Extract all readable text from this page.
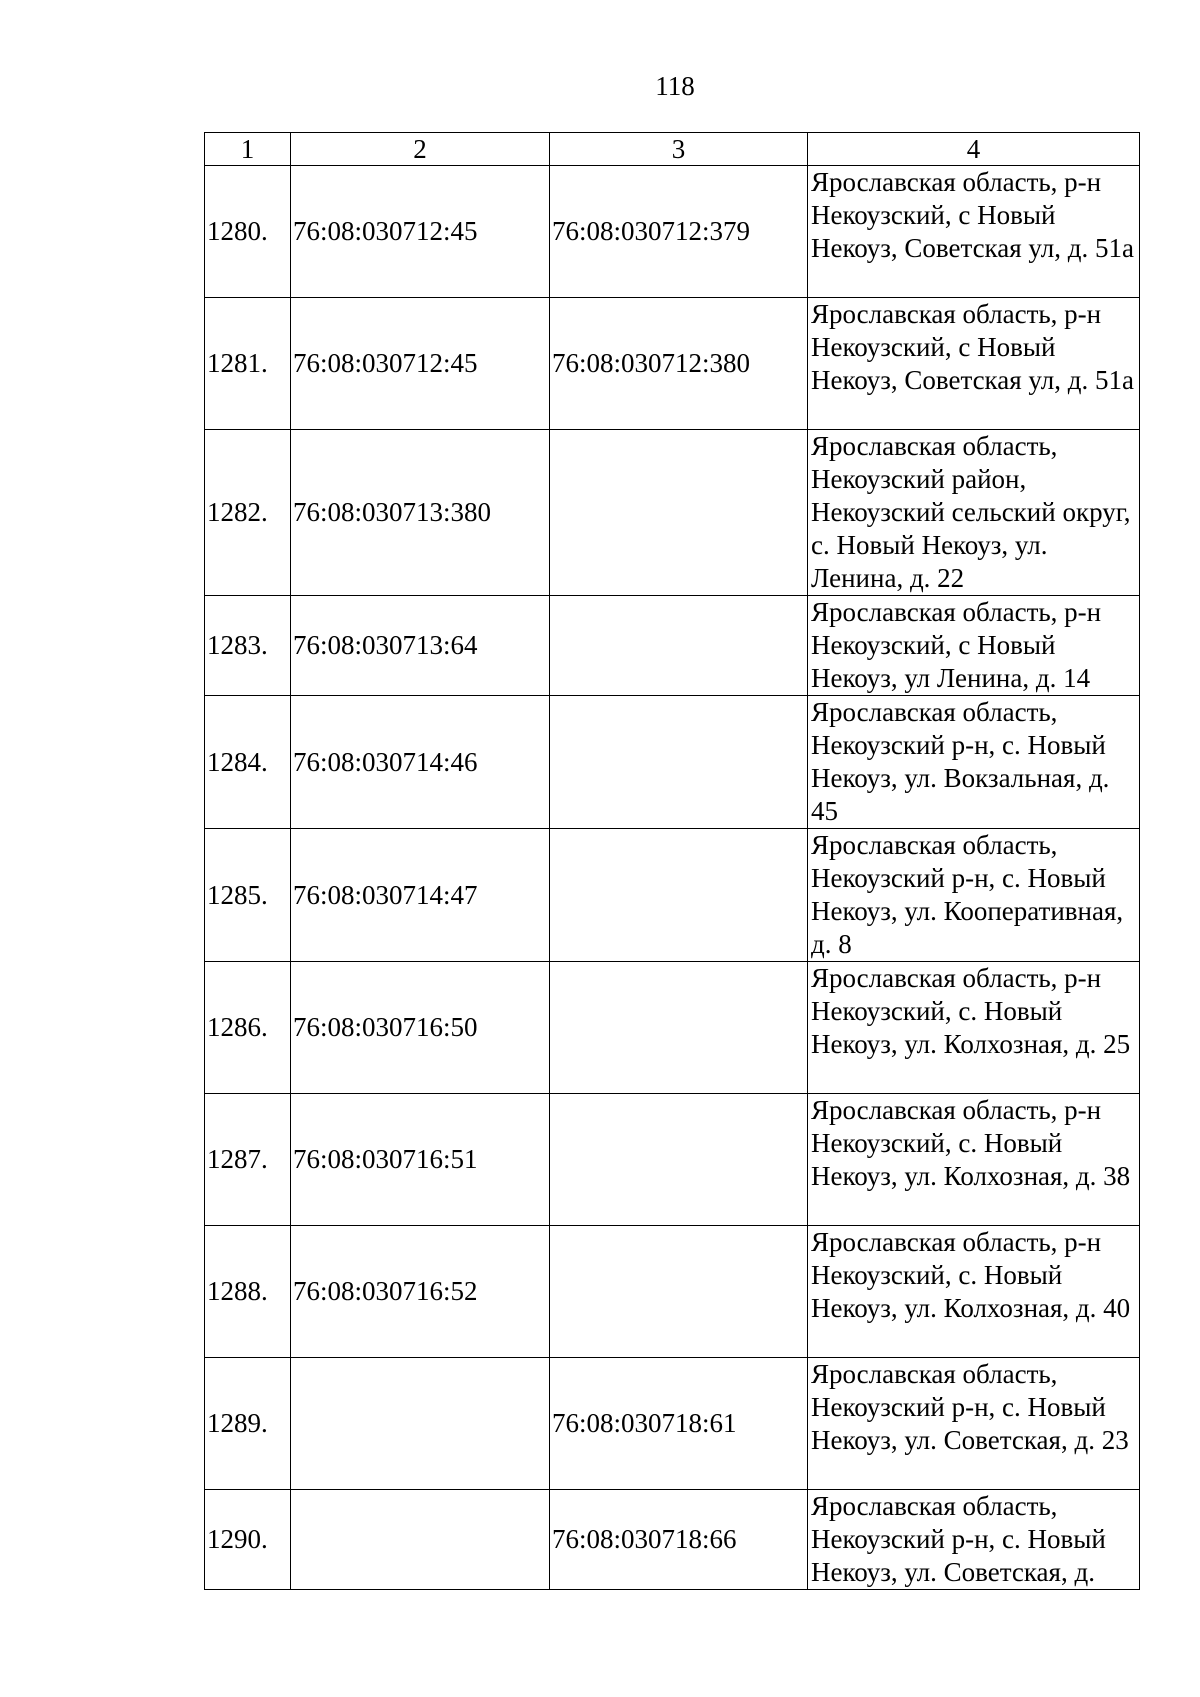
118
1	2	3	4
1280.	76:08:030712:45	76:08:030712:379	Ярославская область, р-н Некоузский, с Новый Некоуз, Советская ул, д. 51а
1281.	76:08:030712:45	76:08:030712:380	Ярославская область, р-н Некоузский, с Новый Некоуз, Советская ул, д. 51а
1282.	76:08:030713:380		Ярославская область, Некоузский район, Некоузский сельский округ, с. Новый Некоуз, ул. Ленина, д. 22
1283.	76:08:030713:64		Ярославская область, р-н Некоузский, с Новый Некоуз, ул Ленина, д. 14
1284.	76:08:030714:46		Ярославская область, Некоузский р-н, с. Новый Некоуз, ул. Вокзальная, д. 45
1285.	76:08:030714:47		Ярославская область, Некоузский р-н, с. Новый Некоуз, ул. Кооперативная, д. 8
1286.	76:08:030716:50		Ярославская область, р-н Некоузский, с. Новый Некоуз, ул. Колхозная, д. 25
1287.	76:08:030716:51		Ярославская область, р-н Некоузский, с. Новый Некоуз, ул. Колхозная, д. 38
1288.	76:08:030716:52		Ярославская область, р-н Некоузский, с. Новый Некоуз, ул. Колхозная, д. 40
1289.		76:08:030718:61	Ярославская область, Некоузский р-н, с. Новый Некоуз, ул. Советская, д. 23
1290.		76:08:030718:66	Ярославская область, Некоузский р-н, с. Новый Некоуз, ул. Советская, д.
